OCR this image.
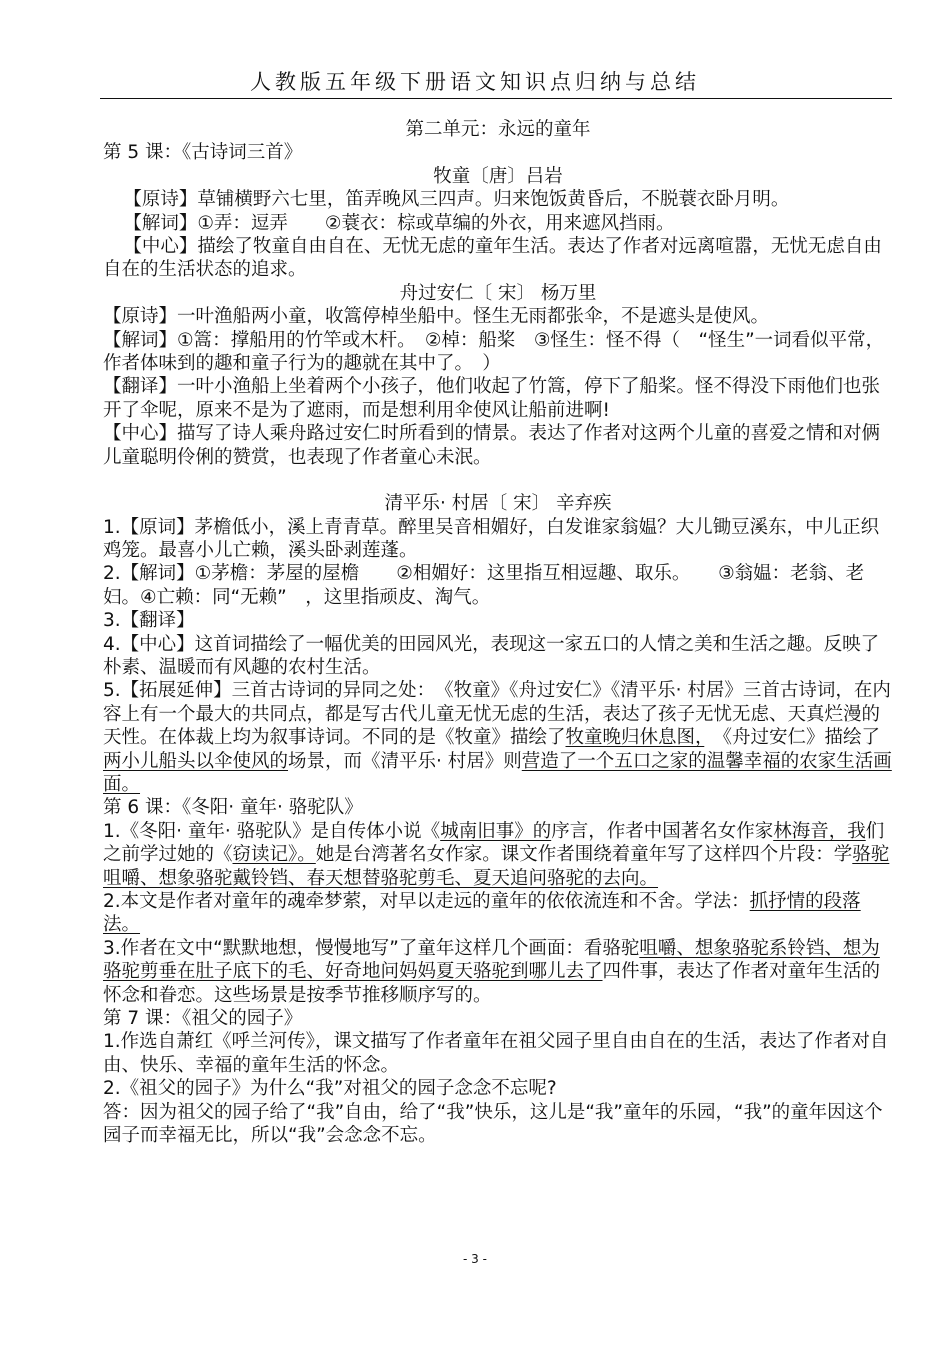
人教版五年级下册语文知识点归纳与总结

第二单元：永远的童年

第 5 课：《古诗词三首》

牧童〔唐〕吕岩

【原诗】草铺横野六七里，笛弄晚风三四声。归来饱饭黄昏后，不脱蓑衣卧月明。

【解词】①弄：逗弄　　②蓑衣：棕或草编的外衣，用来遮风挡雨。

【中心】描绘了牧童自由自在、无忧无虑的童年生活。表达了作者对远离喧嚣，无忧无虑自由自在的生活状态的追求。

舟过安仁〔 宋〕 杨万里

【原诗】一叶渔船两小童，收篙停棹坐船中。怪生无雨都张伞，不是遮头是使风。

【解词】①篙：撑船用的竹竿或木杆。　②棹：船桨　③怪生：怪不得（　“怪生”一词看似平常，作者体味到的趣和童子行为的趣就在其中了。　）

【翻译】一叶小渔船上坐着两个小孩子，他们收起了竹篙，停下了船桨。怪不得没下雨他们也张开了伞呢，原来不是为了遮雨，而是想利用伞使风让船前进啊!

【中心】描写了诗人乘舟路过安仁时所看到的情景。表达了作者对这两个儿童的喜爱之情和对俩儿童聪明伶俐的赞赏，也表现了作者童心未泯。

清平乐· 村居〔 宋〕 辛弃疾

1.【原词】茅檐低小，溪上青青草。醉里吴音相媚好，白发谁家翁媪？大儿锄豆溪东，中儿正织鸡笼。最喜小儿亡赖，溪头卧剥莲蓬。

2.【解词】①茅檐：茅屋的屋檐　　②相媚好：这里指互相逗趣、取乐。　　③翁媪：老翁、老妇。④亡赖：同“无赖”　，这里指顽皮、淘气。

3.【翻译】

4.【中心】这首词描绘了一幅优美的田园风光，表现这一家五口的人情之美和生活之趣。反映了朴素、温暖而有风趣的农村生活。

5.【拓展延伸】三首古诗词的异同之处：　《牧童》《舟过安仁》《清平乐· 村居》三首古诗词，在内容上有一个最大的共同点，都是写古代儿童无忧无虑的生活，表达了孩子无忧无虑、天真烂漫的天性。在体裁上均为叙事诗词。不同的是《牧童》描绘了牧童晚归休息图，　《舟过安仁》描绘了两小儿船头以伞使风的场景，而《清平乐· 村居》则营造了一个五口之家的温馨幸福的农家生活画面。

第 6 课：《冬阳· 童年· 骆驼队》

1.《冬阳· 童年· 骆驼队》是自传体小说《城南旧事》的序言，作者中国著名女作家林海音，我们之前学过她的《窃读记》。她是台湾著名女作家。课文作者围绕着童年写了这样四个片段：学骆驼咀嚼、想象骆驼戴铃铛、春天想替骆驼剪毛、夏天追问骆驼的去向。

2.本文是作者对童年的魂牵梦萦，对早以走远的童年的依依流连和不舍。学法：抓抒情的段落法。

3.作者在文中“默默地想，慢慢地写”了童年这样几个画面：看骆驼咀嚼、想象骆驼系铃铛、想为骆驼剪垂在肚子底下的毛、好奇地问妈妈夏天骆驼到哪儿去了四件事，表达了作者对童年生活的怀念和眷恋。这些场景是按季节推移顺序写的。

第 7 课：《祖父的园子》

1.作选自萧红《呼兰河传》，课文描写了作者童年在祖父园子里自由自在的生活，表达了作者对自由、快乐、幸福的童年生活的怀念。

2.《祖父的园子》为什么“我”对祖父的园子念念不忘呢?

答：因为祖父的园子给了“我”自由，给了“我”快乐，这儿是“我”童年的乐园，“我”的童年因这个园子而幸福无比，所以“我”会念念不忘。

- 3 -
